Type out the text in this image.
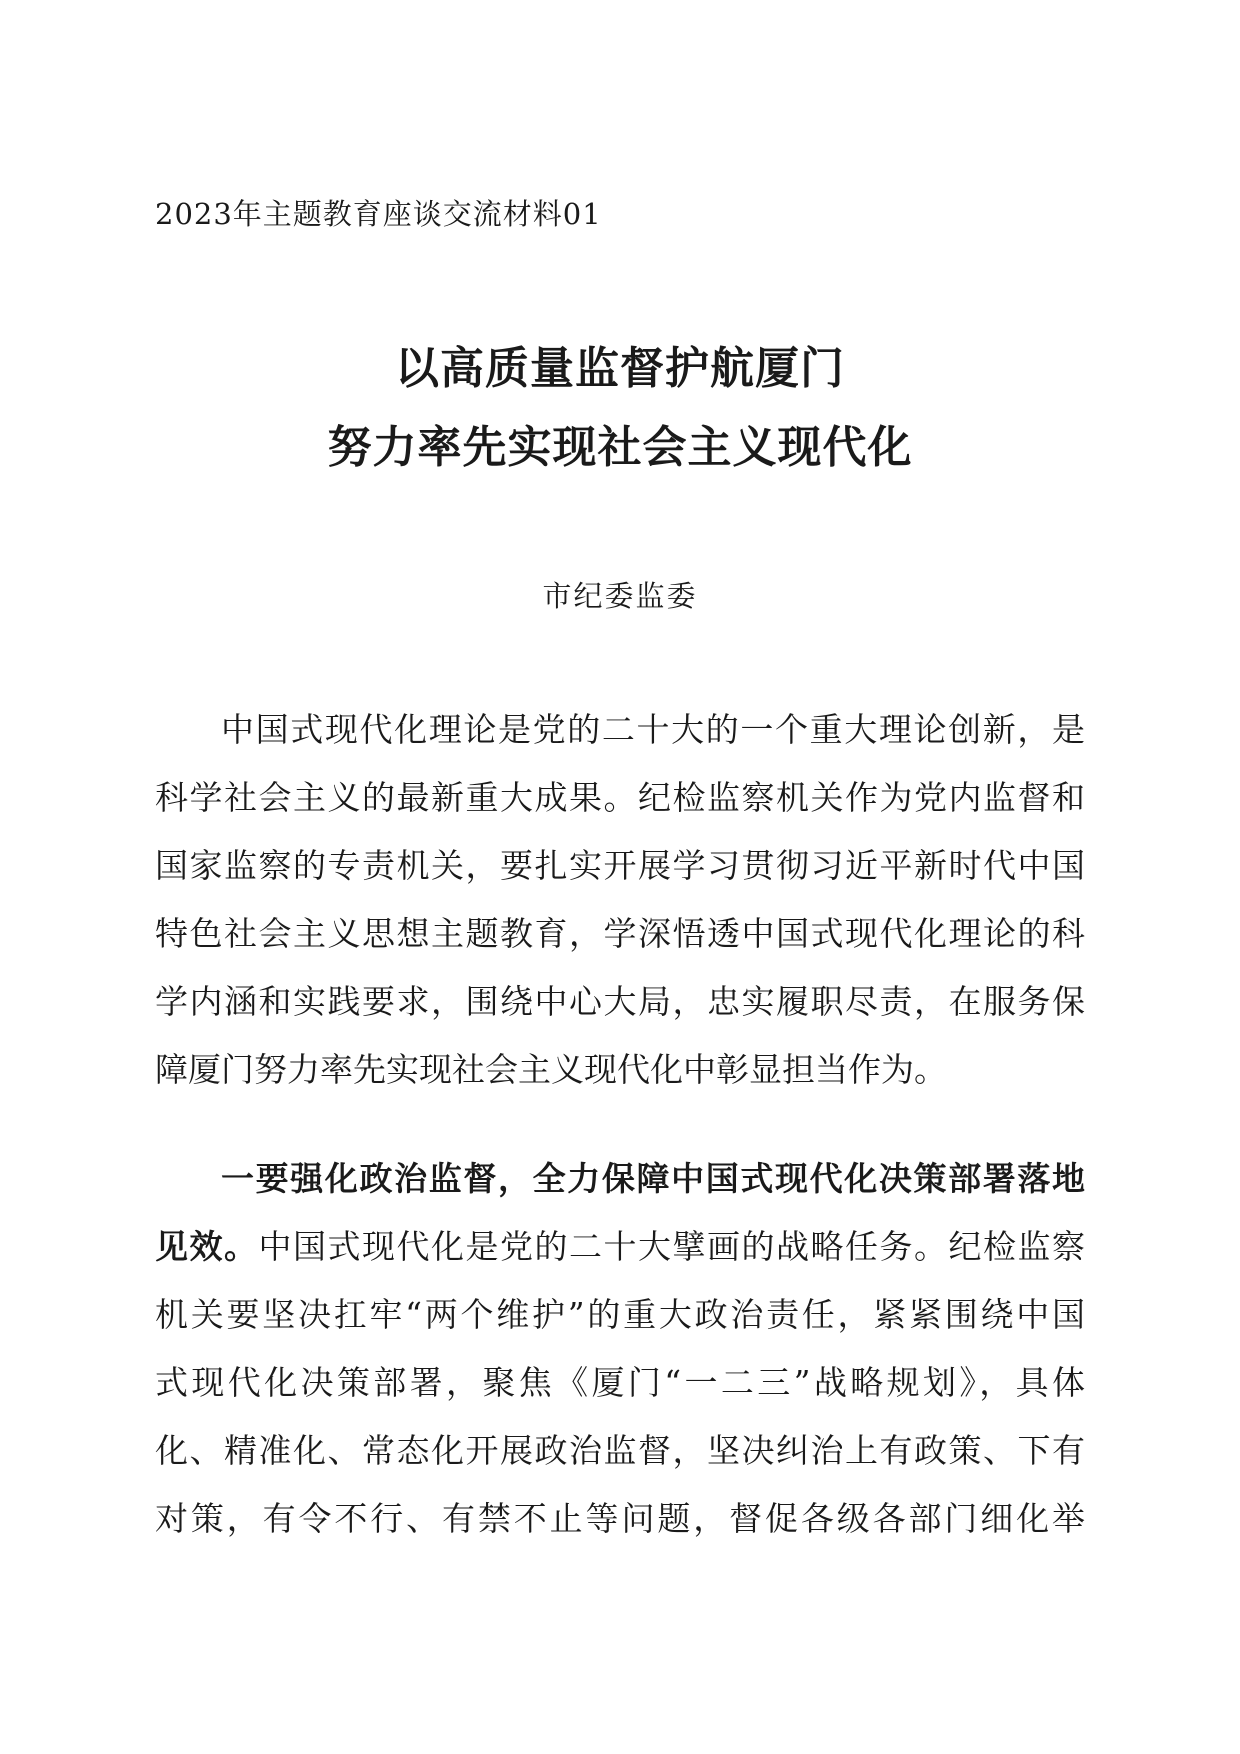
2023年主题教育座谈交流材料01
以高质量监督护航厦门
努力率先实现社会主义现代化
市纪委监委
中国式现代化理论是党的二十大的一个重大理论创新，是
科学社会主义的最新重大成果。纪检监察机关作为党内监督和
国家监察的专责机关，要扎实开展学习贯彻习近平新时代中国
特色社会主义思想主题教育，学深悟透中国式现代化理论的科
学内涵和实践要求，围绕中心大局，忠实履职尽责，在服务保
障厦门努力率先实现社会主义现代化中彰显担当作为。
一要强化政治监督，全力保障中国式现代化决策部署落地
见效。中国式现代化是党的二十大擘画的战略任务。纪检监察
机关要坚决扛牢“两个维护”的重大政治责任，紧紧围绕中国
式现代化决策部署，聚焦《厦门“一二三”战略规划》，具体
化、精准化、常态化开展政治监督，坚决纠治上有政策、下有
对策，有令不行、有禁不止等问题，督促各级各部门细化举
